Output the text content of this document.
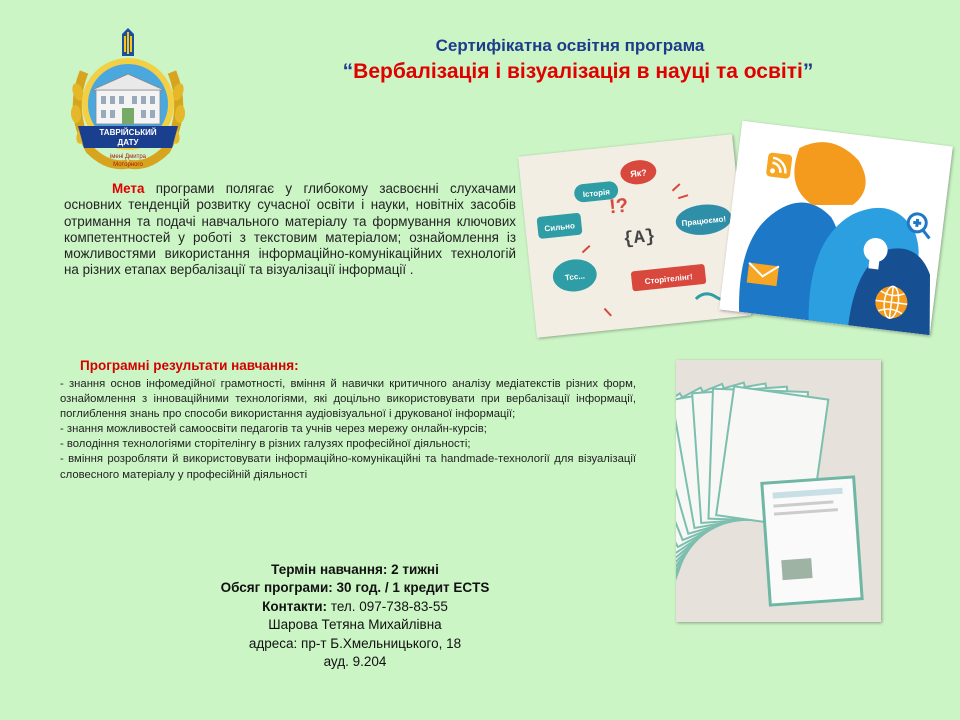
Сертифікатна освітня програма
“Вербалізація і візуалізація в науці та освіті”
ТАВРІЙСЬКИЙ
ДАТУ
імені Дмитра
Моторного
Мета програми полягає у глибокому засвоєнні слухачами основних тенденцій розвитку сучасної освіти і науки, новітніх засобів отримання та подачі навчального матеріалу та формування ключових компетентностей у роботі з текстовим матеріалом; ознайомлення із можливостями використання інформаційно-комунікаційних технологій на різних етапах вербалізації та візуалізації інформації .
Як?
Історія
Сильно	Працюємо!
Тсс...	Сторітелінг!
{A}
!?
Програмні результати навчання:
- знання основ інфомедійної грамотності, вміння й навички критичного аналізу медіатекстів різних форм, ознайомлення з інноваційними технологіями, які доцільно використовувати при вербалізації інформації, поглиблення знань про способи використання аудіовізуальної і друкованої інформації;
- знання можливостей самоосвіти педагогів та учнів через мережу онлайн-курсів;
- володіння технологіями сторітелінгу в різних галузях професійної діяльності;
- вміння розробляти й використовувати інформаційно-комунікаційні та handmade-технології для візуалізації словесного матеріалу у професійній діяльності
Термін навчання: 2 тижні
Обсяг програми: 30 год. / 1 кредит ECTS
Контакти: тел. 097-738-83-55
Шарова Тетяна Михайлівна
адреса: пр-т Б.Хмельницького, 18
ауд. 9.204
